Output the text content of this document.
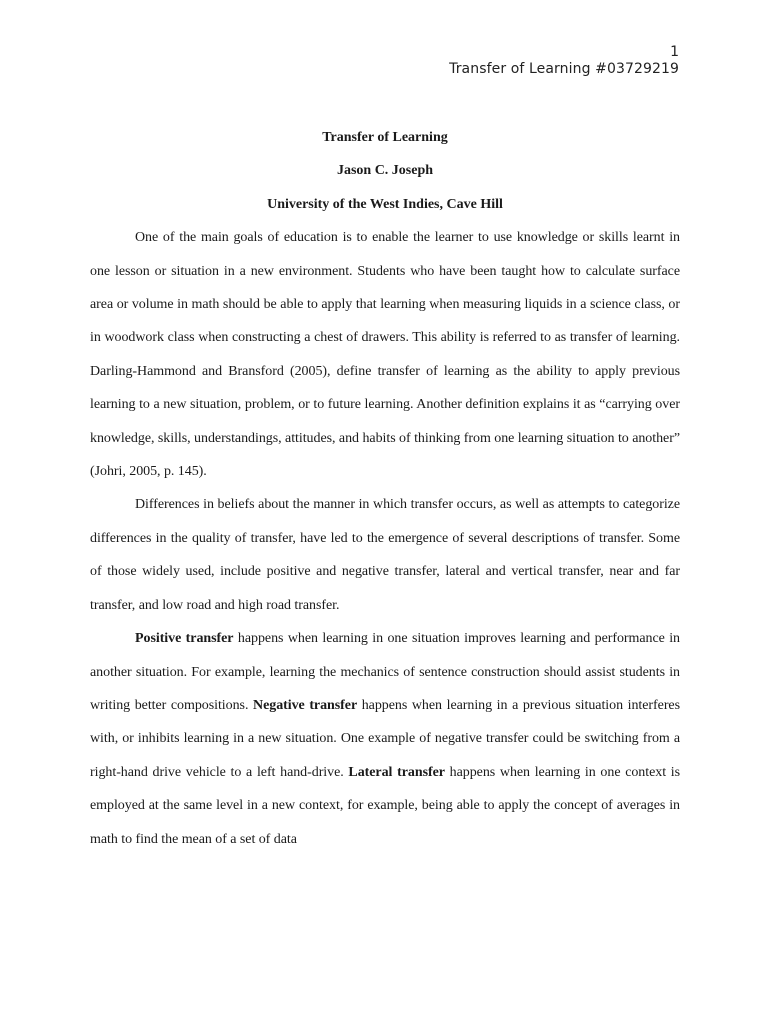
1
Transfer of Learning #03729219

Transfer of Learning

Jason C. Joseph

University of the West Indies, Cave Hill

One of the main goals of education is to enable the learner to use knowledge or skills learnt in one lesson or situation in a new environment. Students who have been taught how to calculate surface area or volume in math should be able to apply that learning when measuring liquids in a science class, or in woodwork class when constructing a chest of drawers. This ability is referred to as transfer of learning. Darling-Hammond and Bransford (2005), define transfer of learning as the ability to apply previous learning to a new situation, problem, or to future learning. Another definition explains it as “carrying over knowledge, skills, understandings, attitudes, and habits of thinking from one learning situation to another” (Johri, 2005, p. 145).

Differences in beliefs about the manner in which transfer occurs, as well as attempts to categorize differences in the quality of transfer, have led to the emergence of several descriptions of transfer. Some of those widely used, include positive and negative transfer, lateral and vertical transfer, near and far transfer, and low road and high road transfer.

Positive transfer happens when learning in one situation improves learning and performance in another situation. For example, learning the mechanics of sentence construction should assist students in writing better compositions. Negative transfer happens when learning in a previous situation interferes with, or inhibits learning in a new situation. One example of negative transfer could be switching from a right-hand drive vehicle to a left hand-drive. Lateral transfer happens when learning in one context is employed at the same level in a new context, for example, being able to apply the concept of averages in math to find the mean of a set of data
